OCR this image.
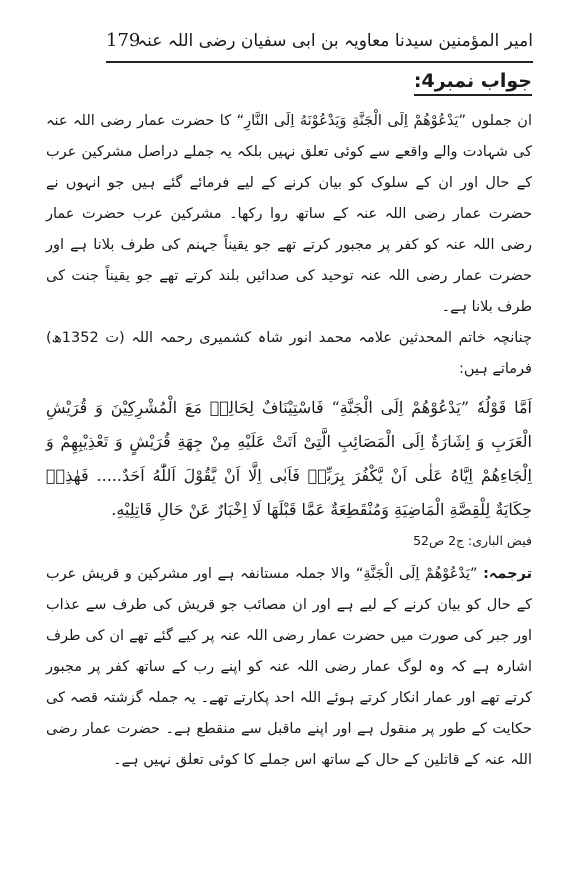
امیر المؤمنین سیدنا معاویہ بن ابی سفیان رضی اللہ عنہ
179
جواب نمبر4:

ان جملوں ”یَدْعُوْھُمْ اِلَی الْجَنَّةِ وَیَدْعُوْنَهُ اِلَی النَّارِ“ کا حضرت عمار رضی اللہ عنہ کی شہادت والے واقعے سے کوئی تعلق نہیں بلکہ یہ جملے دراصل مشرکین عرب کے حال اور ان کے سلوک کو بیان کرنے کے لیے فرمائے گئے ہیں جو انہوں نے حضرت عمار رضی اللہ عنہ کے ساتھ روا رکھا۔ مشرکین عرب حضرت عمار رضی اللہ عنہ کو کفر پر مجبور کرتے تھے جو یقیناً جہنم کی طرف بلانا ہے اور حضرت عمار رضی اللہ عنہ توحید کی صدائیں بلند کرتے تھے جو یقیناً جنت کی طرف بلانا ہے۔

چنانچہ خاتم المحدثین علامہ محمد انور شاہ کشمیری رحمہ اللہ (ت 1352ھ) فرماتے ہیں:

اَمَّا قَوْلُهٗ ”یَدْعُوْھُمْ اِلَی الْجَنَّةِ“ فَاسْتِیْنَافٌ لِحَالِهٖ مَعَ الْمُشْرِکِیْنَ وَ قُرَیْشِ الْعَرَبِ وَ اِشَارَةٌ اِلَی الْمَصَائِبِ الَّتِیْ اَتَتْ عَلَیْهِ مِنْ جِهَةِ قُرَیْشٍ وَ تَعْذِیْبِهِمْ وَ اِلْجَاءِھُمْ اِیَّاهُ عَلٰی اَنْ یَّکْفُرَ بِرَبِّهٖ فَاَبٰی اِلَّا اَنْ یَّقُوْلَ اَللّٰهُ اَحَدٌ..... فَهٰذِهٖ حِکَایَةٌ لِلْقِصَّةِ الْمَاضِیَةِ وَمُنْقَطِعَةٌ عَمَّا قَبْلَهَا لَا اِخْبَارٌ عَنْ حَالِ قَاتِلِیْهِ.

فیض الباری: ج2 ص52

ترجمہ: ”یَدْعُوْھُمْ اِلَی الْجَنَّةِ“ والا جملہ مستانفہ ہے اور مشرکین و قریش عرب کے حال کو بیان کرنے کے لیے ہے اور ان مصائب جو قریش کی طرف سے عذاب اور جبر کی صورت میں حضرت عمار رضی اللہ عنہ پر کیے گئے تھے ان کی طرف اشارہ ہے کہ وہ لوگ عمار رضی اللہ عنہ کو اپنے رب کے ساتھ کفر پر مجبور کرتے تھے اور عمار انکار کرتے ہوئے اللہ احد پکارتے تھے۔ یہ جملہ گزشتہ قصہ کی حکایت کے طور پر منقول ہے اور اپنے ماقبل سے منقطع ہے۔ حضرت عمار رضی اللہ عنہ کے قاتلین کے حال کے ساتھ اس جملے کا کوئی تعلق نہیں ہے۔
